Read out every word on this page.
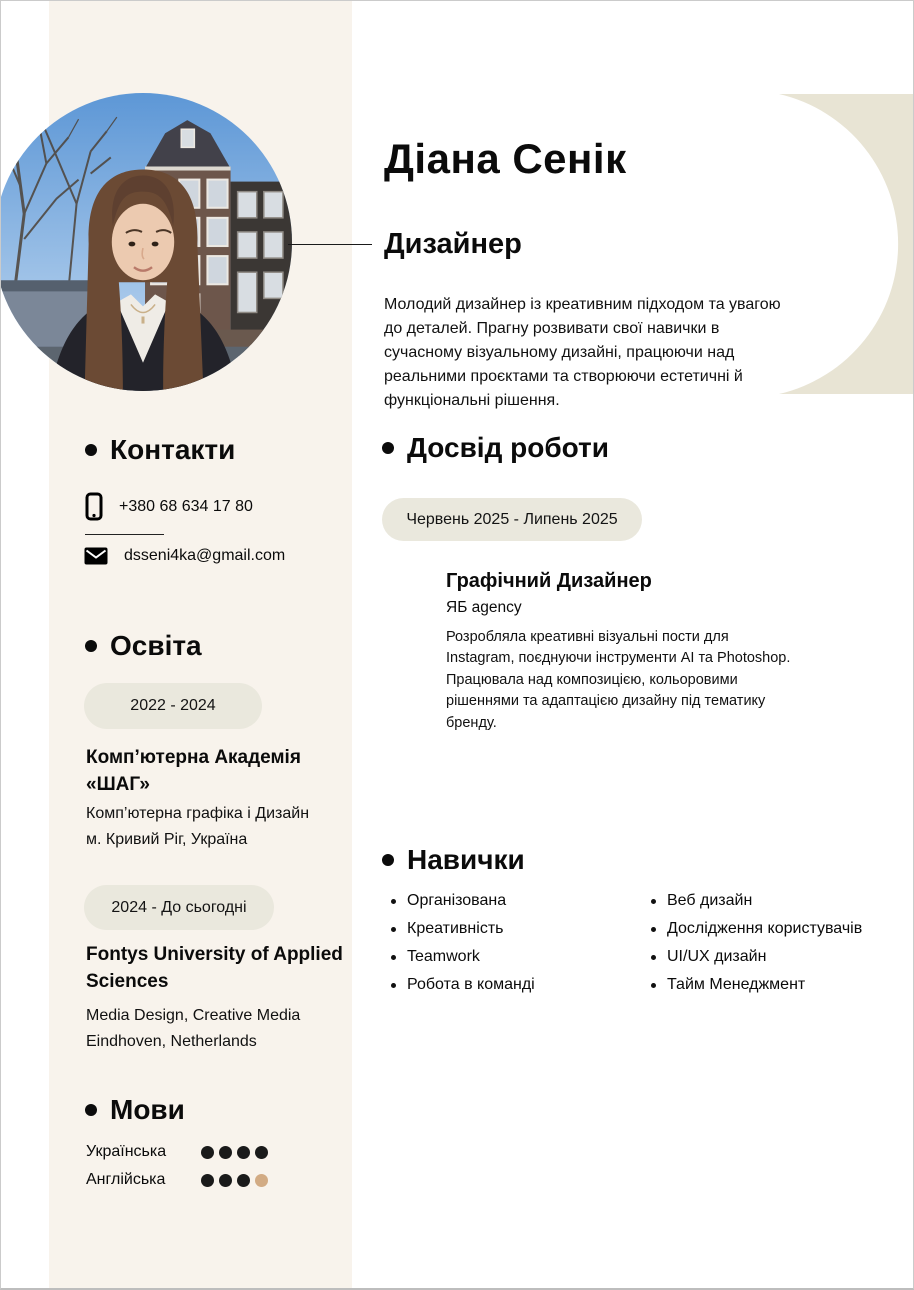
Діана Сенік
Дизайнер

Молодий дизайнер із креативним підходом та увагою до деталей. Прагну розвивати свої навички в сучасному візуальному дизайні, працюючи над реальними проєктами та створюючи естетичні й функціональні рішення.

Контакти
+380 68 634 17 80
dsseni4ka@gmail.com
Освіта
2022 - 2024
Комп’ютерна Академія «ШАГ»
Комп’ютерна графіка і Дизайн
м. Кривий Ріг, Україна
2024 - До сьогодні
Fontys University of Applied Sciences
Media Design, Creative Media
Eindhoven, Netherlands
Досвід роботи
Червень 2025 - Липень 2025
Графічний Дизайнер
ЯБ agency

Розробляла креативні візуальні пости для Instagram, поєднуючи інструменти AI та Photoshop. Працювала над композицією, кольоровими рішеннями та адаптацією дизайну під тематику бренду.

Навички
Організована
Креативність
Teamwork
Робота в команді
Веб дизайн
Дослідження користувачів
UI/UX дизайн
Тайм Менеджмент
Мови
Українська
Англійська
